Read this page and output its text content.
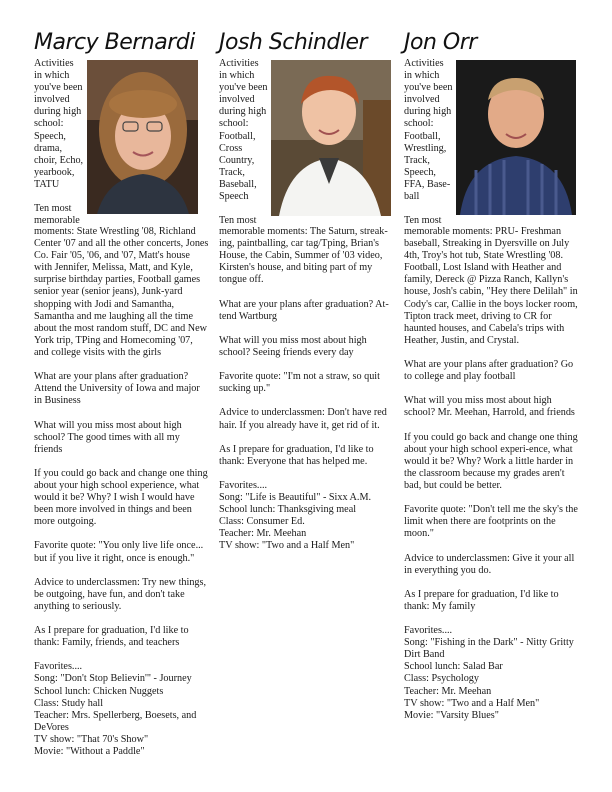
Marcy Bernardi
Activities
in which
you've been
involved
during high
school:
Speech,
drama,
choir, Echo,
yearbook,
TATU
Ten most
memorable

moments: State Wrestling '08, Richland Center '07 and all the other concerts, Jones Co. Fair '05, '06, and '07, Matt's house with Jennifer, Melissa, Matt, and Kyle, surprise birthday parties, Football games senior year (senior jeans), Junk-yard shopping with Jodi and Samantha, Samantha and me laughing all the time about the most random stuff, DC and New York trip, TPing and Homecoming '07, and college visits with the girls

What are your plans after graduation? Attend the University of Iowa and major in Business

What will you miss most about high school? The good times with all my friends

If you could go back and change one thing about your high school experience, what would it be? Why? I wish I would have been more involved in things and been more outgoing.

Favorite quote: "You only live life once... but if you live it right, once is enough."

Advice to underclassmen: Try new things, be outgoing, have fun, and don't take anything to seriously.

As I prepare for graduation, I'd like to thank: Family, friends, and teachers

Favorites....
Song: "Don't Stop Believin'" - Journey
School lunch: Chicken Nuggets
Class: Study hall
Teacher: Mrs. Spellerberg, Boesets, and DeVores
TV show: "That 70's Show"
Movie: "Without a Paddle"
Josh Schindler
Activities
in which
you've been
involved
during high
school:
Football,
Cross
Country,
Track,
Baseball,
Speech
Ten most

memorable moments: The Saturn, streak-ing, paintballing, car tag/Tping, Brian's House, the Cabin, Summer of '03 video, Kirsten's house, and biting part of my tongue off.

What are your plans after graduation? At-tend Wartburg

What will you miss most about high school? Seeing friends every day

Favorite quote: "I'm not a straw, so quit sucking up."

Advice to underclassmen: Don't have red hair. If you already have it, get rid of it.

As I prepare for graduation, I'd like to thank: Everyone that has helped me.

Favorites....
Song: "Life is Beautiful" - Sixx A.M.
School lunch: Thanksgiving meal
Class: Consumer Ed.
Teacher: Mr. Meehan
TV show: "Two and a Half Men"
Jon Orr
Activities
in which
you've been
involved
during high
school:
Football,
Wrestling,
Track,
Speech,
FFA, Base-
ball
Ten most

memorable moments: PRU- Freshman baseball, Streaking in Dyersville on July 4th, Troy's hot tub, State Wrestling '08. Football, Lost Island with Heather and family, Dereck @ Pizza Ranch, Kallyn's house, Josh's cabin, "Hey there Delilah" in Cody's car, Callie in the boys locker room, Tipton track meet, driving to CR for haunted houses, and Cabela's trips with Heather, Justin, and Crystal.

What are your plans after graduation? Go to college and play football

What will you miss most about high school? Mr. Meehan, Harrold, and friends

If you could go back and change one thing about your high school experi-ence, what would it be? Why? Work a little harder in the classroom because my grades aren't bad, but could be better.

Favorite quote: "Don't tell me the sky's the limit when there are footprints on the moon."

Advice to underclassmen: Give it your all in everything you do.

As I prepare for graduation, I'd like to thank: My family

Favorites....
Song: "Fishing in the Dark" - Nitty Gritty Dirt Band
School lunch: Salad Bar
Class: Psychology
Teacher: Mr. Meehan
TV show: "Two and a Half Men"
Movie: "Varsity Blues"
